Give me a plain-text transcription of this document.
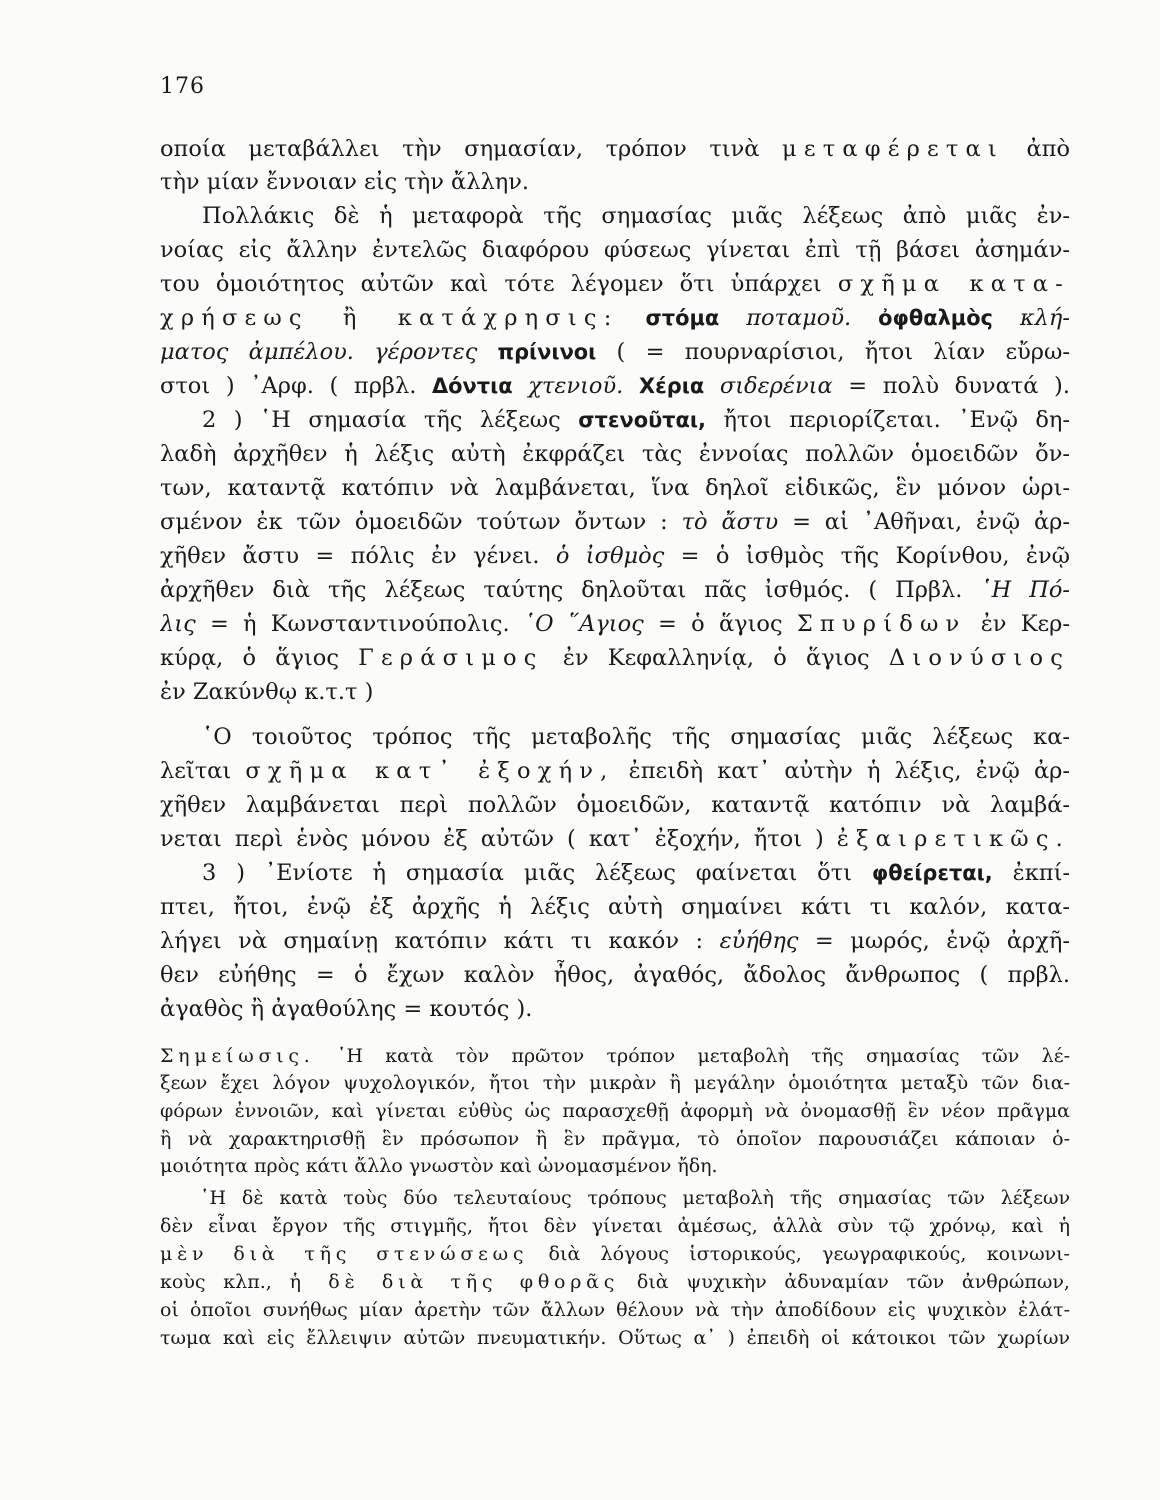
176
οποία μεταβάλλει τὴν σημασίαν, τρόπον τινὰ μεταφέρεται ἀπὸ
τὴν μίαν ἔννοιαν εἰς τὴν ἄλλην.
Πολλάκις δὲ ἡ μεταφορὰ τῆς σημασίας μιᾶς λέξεως ἀπὸ μιᾶς ἐν-
νοίας εἰς ἄλλην ἐντελῶς διαφόρου φύσεως γίνεται ἐπὶ τῇ βάσει ἀσημάν-
του ὁμοιότητος αὐτῶν καὶ τότε λέγομεν ὅτι ὑπάρχει σχῆμα κατα-
χρήσεως ἢ κατάχρησις: στόμα ποταμοῦ. ὀφθαλμὸς κλή-
ματος ἀμπέλου. γέροντες πρίνινοι ( = πουρναρίσιοι, ἤτοι λίαν εὔρω-
στοι ) ᾿Αρφ. ( πρβλ. Δόντια χτενιοῦ. Χέρια σιδερένια = πολὺ δυνατά ).
2 ) ῾Η σημασία τῆς λέξεως στενοῦται, ἤτοι περιορίζεται. ᾿Ενῷ δη-
λαδὴ ἀρχῆθεν ἡ λέξις αὐτὴ ἐκφράζει τὰς ἐννοίας πολλῶν ὁμοειδῶν ὄν-
των, καταντᾷ κατόπιν νὰ λαμβάνεται, ἵνα δηλοῖ εἰδικῶς, ἓν μόνον ὡρι-
σμένον ἐκ τῶν ὁμοειδῶν τούτων ὄντων : τὸ ἄστυ = αἱ ᾿Αθῆναι, ἐνῷ ἀρ-
χῆθεν ἄστυ = πόλις ἐν γένει. ὁ ἰσθμὸς = ὁ ἰσθμὸς τῆς Κορίνθου, ἐνῷ
ἀρχῆθεν διὰ τῆς λέξεως ταύτης δηλοῦται πᾶς ἰσθμός. ( Πρβλ. ῾Η Πό-
λις = ἡ Κωνσταντινούπολις. ῾Ο ῞Αγιος = ὁ ἅγιος Σπυρίδων ἐν Κερ-
κύρᾳ, ὁ ἅγιος Γεράσιμος ἐν Κεφαλληνίᾳ, ὁ ἅγιος Διονύσιος
ἐν Ζακύνθῳ κ.τ.τ )
῾Ο τοιοῦτος τρόπος τῆς μεταβολῆς τῆς σημασίας μιᾶς λέξεως κα-
λεῖται σχῆμα κατ᾿ ἐξοχήν, ἐπειδὴ κατ᾿ αὐτὴν ἡ λέξις, ἐνῷ ἀρ-
χῆθεν λαμβάνεται περὶ πολλῶν ὁμοειδῶν, καταντᾷ κατόπιν νὰ λαμβά-
νεται περὶ ἑνὸς μόνου ἐξ αὐτῶν ( κατ᾿ ἐξοχήν, ἤτοι ) ἐξαιρετικῶς.
3 ) ᾿Ενίοτε ἡ σημασία μιᾶς λέξεως φαίνεται ὅτι φθείρεται, ἐκπί-
πτει, ἤτοι, ἐνῷ ἐξ ἀρχῆς ἡ λέξις αὐτὴ σημαίνει κάτι τι καλόν, κατα-
λήγει νὰ σημαίνῃ κατόπιν κάτι τι κακόν : εὐήθης = μωρός, ἐνῷ ἀρχῆ-
θεν εὐήθης = ὁ ἔχων καλὸν ἦθος, ἀγαθός, ἄδολος ἄνθρωπος ( πρβλ.
ἀγαθὸς ἢ ἀγαθούλης = κουτός ).
Σημείωσις. ῾Η κατὰ τὸν πρῶτον τρόπον μεταβολὴ τῆς σημασίας τῶν λέ-
ξεων ἔχει λόγον ψυχολογικόν, ἤτοι τὴν μικρὰν ἢ μεγάλην ὁμοιότητα μεταξὺ τῶν δια-
φόρων ἐννοιῶν, καὶ γίνεται εὐθὺς ὡς παρασχεθῇ ἀφορμὴ νὰ ὀνομασθῇ ἓν νέον πρᾶγμα
ἢ νὰ χαρακτηρισθῇ ἓν πρόσωπον ἢ ἓν πρᾶγμα, τὸ ὁποῖον παρουσιάζει κάποιαν ὁ-
μοιότητα πρὸς κάτι ἄλλο γνωστὸν καὶ ὠνομασμένον ἤδη.
῾Η δὲ κατὰ τοὺς δύο τελευταίους τρόπους μεταβολὴ τῆς σημασίας τῶν λέξεων
δὲν εἶναι ἔργον τῆς στιγμῆς, ἤτοι δὲν γίνεται ἀμέσως, ἀλλὰ σὺν τῷ χρόνῳ, καὶ ἡ
μὲν διὰ τῆς στενώσεως διὰ λόγους ἱστορικούς, γεωγραφικούς, κοινωνι-
κοὺς κλπ., ἡ δὲ διὰ τῆς φθορᾶς διὰ ψυχικὴν ἀδυναμίαν τῶν ἀνθρώπων,
οἱ ὁποῖοι συνήθως μίαν ἀρετὴν τῶν ἄλλων θέλουν νὰ τὴν ἀποδίδουν εἰς ψυχικὸν ἐλάτ-
τωμα καὶ εἰς ἔλλειψιν αὐτῶν πνευματικήν. Οὕτως α᾿ ) ἐπειδὴ οἱ κάτοικοι τῶν χωρίων
